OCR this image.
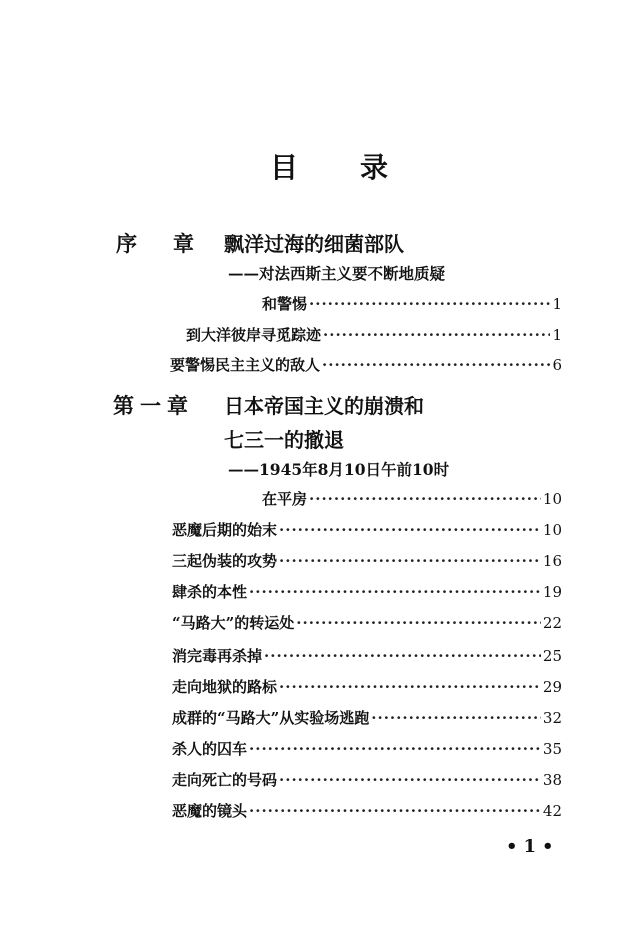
目 录
序 章 飘洋过海的细菌部队
——对法西斯主义要不断地质疑
和警惕 ·····	1
到大洋彼岸寻觅踪迹 ·····	1
要警惕民主主义的敌人 ·····	6
第一章 日本帝国主义的崩溃和
七三一的撤退
——1945年8月10日午前10时
在平房 ·····	10
恶魔后期的始末 ·····	10
三起伪装的攻势 ·····	16
肆杀的本性 ·····	19
“马路大”的转运处 ·····	22
消完毒再杀掉 ·····	25
走向地狱的路标 ·····	29
成群的“马路大”从实验场逃跑 ·····	32
杀人的囚车 ·····	35
走向死亡的号码 ·····	38
恶魔的镜头 ·····	42
•1•
